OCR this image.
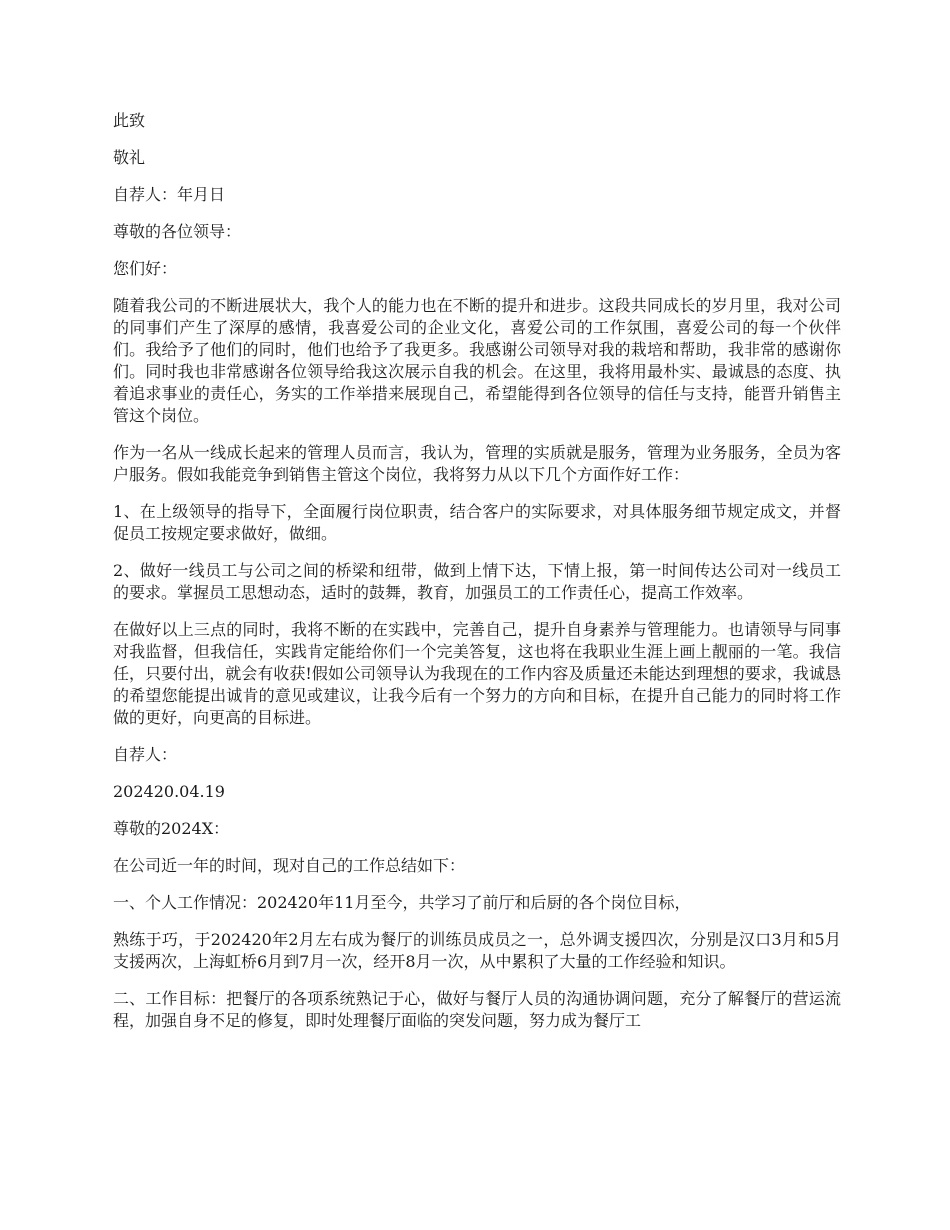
此致

敬礼

自荐人：年月日

尊敬的各位领导：

您们好：

随着我公司的不断进展状大，我个人的能力也在不断的提升和进步。这段共同成长的岁月里，我对公司的同事们产生了深厚的感情，我喜爱公司的企业文化，喜爱公司的工作氛围，喜爱公司的每一个伙伴们。我给予了他们的同时，他们也给予了我更多。我感谢公司领导对我的栽培和帮助，我非常的感谢你们。同时我也非常感谢各位领导给我这次展示自我的机会。在这里，我将用最朴实、最诚恳的态度、执着追求事业的责任心，务实的工作举措来展现自己，希望能得到各位领导的信任与支持，能晋升销售主管这个岗位。

作为一名从一线成长起来的管理人员而言，我认为，管理的实质就是服务，管理为业务服务，全员为客户服务。假如我能竞争到销售主管这个岗位，我将努力从以下几个方面作好工作：

1、在上级领导的指导下，全面履行岗位职责，结合客户的实际要求，对具体服务细节规定成文，并督促员工按规定要求做好，做细。

2、做好一线员工与公司之间的桥梁和纽带，做到上情下达，下情上报，第一时间传达公司对一线员工的要求。掌握员工思想动态，适时的鼓舞，教育，加强员工的工作责任心，提高工作效率。

在做好以上三点的同时，我将不断的在实践中，完善自己，提升自身素养与管理能力。也请领导与同事对我监督，但我信任，实践肯定能给你们一个完美答复，这也将在我职业生涯上画上靓丽的一笔。我信任，只要付出，就会有收获!假如公司领导认为我现在的工作内容及质量还未能达到理想的要求，我诚恳的希望您能提出诚肯的意见或建议，让我今后有一个努力的方向和目标，在提升自己能力的同时将工作做的更好，向更高的目标进。

自荐人：

202420.04.19

尊敬的2024X：

在公司近一年的时间，现对自己的工作总结如下：

一、个人工作情况：202420年11月至今，共学习了前厅和后厨的各个岗位目标，

熟练于巧，于202420年2月左右成为餐厅的训练员成员之一，总外调支援四次，分别是汉口3月和5月支援两次，上海虹桥6月到7月一次，经开8月一次，从中累积了大量的工作经验和知识。

二、工作目标：把餐厅的各项系统熟记于心，做好与餐厅人员的沟通协调问题，充分了解餐厅的营运流程，加强自身不足的修复，即时处理餐厅面临的突发问题，努力成为餐厅工
